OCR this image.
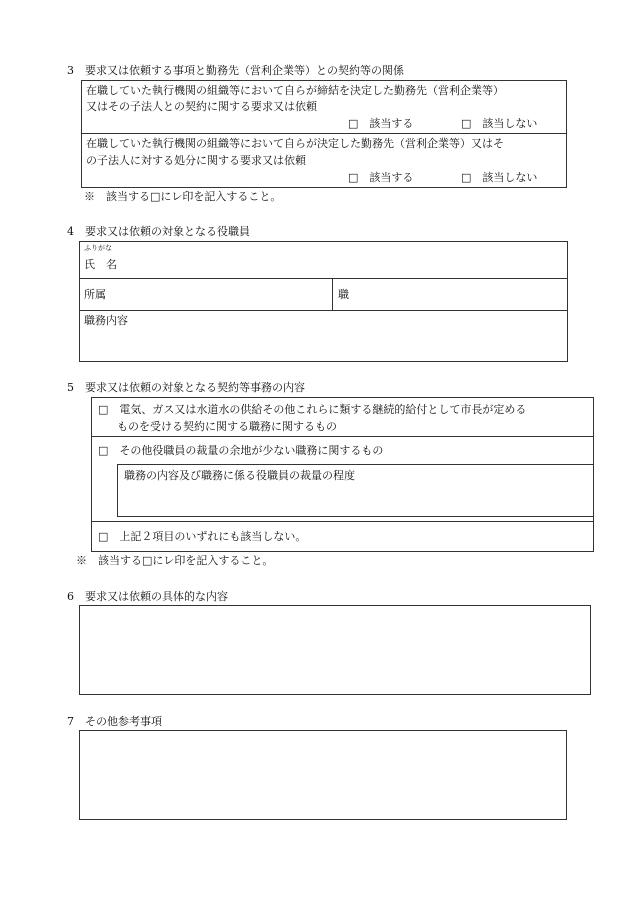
3　要求又は依頼する事項と勤務先（営利企業等）との契約等の関係
在職していた執行機関の組織等において自らが締結を決定した勤務先（営利企業等）
又はその子法人との契約に関する要求又は依頼
□　該当する	□　該当しない
在職していた執行機関の組織等において自らが決定した勤務先（営利企業等）又はそ
の子法人に対する処分に関する要求又は依頼
□　該当する	□　該当しない
※　該当する□にレ印を記入すること。
4　要求又は依頼の対象となる役職員
ふりがな
氏　名
所属	職
職務内容
5　要求又は依頼の対象となる契約等事務の内容
□　電気、ガス又は水道水の供給その他これらに類する継続的給付として市長が定める
ものを受ける契約に関する職務に関するもの
□　その他役職員の裁量の余地が少ない職務に関するもの
職務の内容及び職務に係る役職員の裁量の程度
□　上記２項目のいずれにも該当しない。
※　該当する□にレ印を記入すること。
6　要求又は依頼の具体的な内容
7　その他参考事項
